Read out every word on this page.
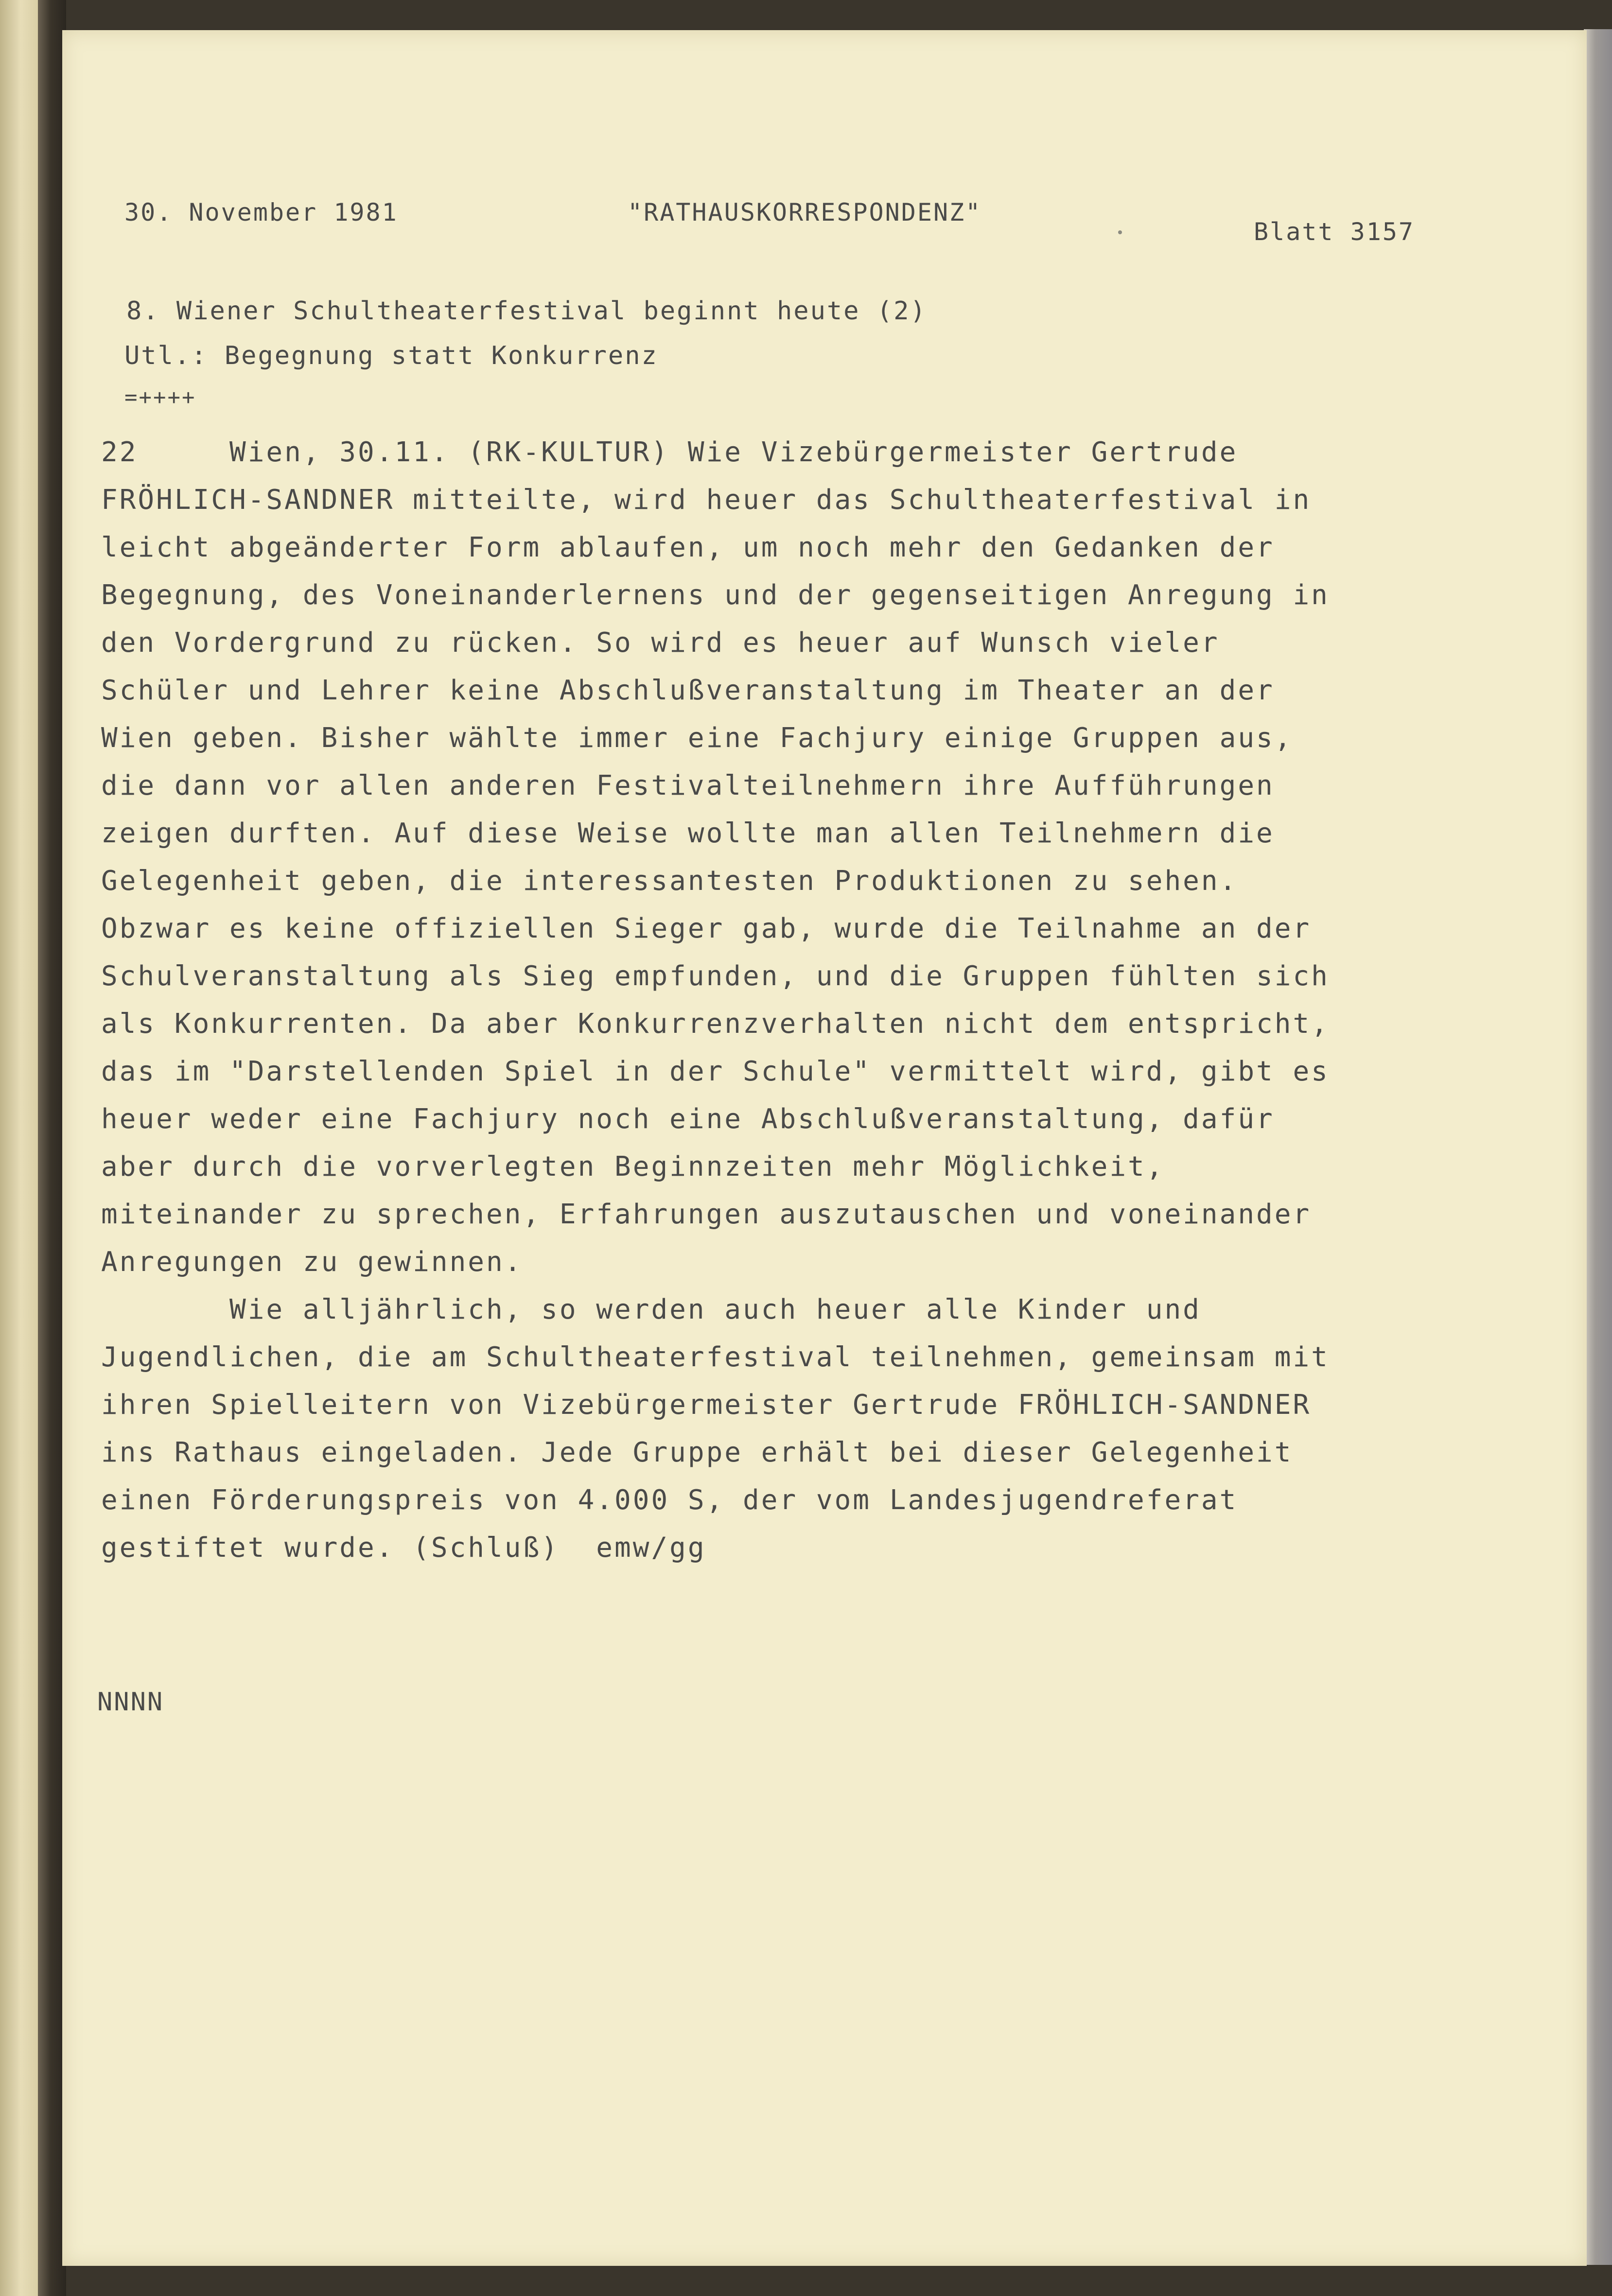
30. November 1981	"RATHAUSKORRESPONDENZ"
Blatt 3157
8. Wiener Schultheaterfestival beginnt heute (2)
Utl.: Begegnung statt Konkurrenz
=++++
22     Wien, 30.11. (RK-KULTUR) Wie Vizebürgermeister Gertrude
FRÖHLICH-SANDNER mitteilte, wird heuer das Schultheaterfestival in
leicht abgeänderter Form ablaufen, um noch mehr den Gedanken der
Begegnung, des Voneinanderlernens und der gegenseitigen Anregung in
den Vordergrund zu rücken. So wird es heuer auf Wunsch vieler
Schüler und Lehrer keine Abschlußveranstaltung im Theater an der
Wien geben. Bisher wählte immer eine Fachjury einige Gruppen aus,
die dann vor allen anderen Festivalteilnehmern ihre Aufführungen
zeigen durften. Auf diese Weise wollte man allen Teilnehmern die
Gelegenheit geben, die interessantesten Produktionen zu sehen.
Obzwar es keine offiziellen Sieger gab, wurde die Teilnahme an der
Schulveranstaltung als Sieg empfunden, und die Gruppen fühlten sich
als Konkurrenten. Da aber Konkurrenzverhalten nicht dem entspricht,
das im "Darstellenden Spiel in der Schule" vermittelt wird, gibt es
heuer weder eine Fachjury noch eine Abschlußveranstaltung, dafür
aber durch die vorverlegten Beginnzeiten mehr Möglichkeit,
miteinander zu sprechen, Erfahrungen auszutauschen und voneinander
Anregungen zu gewinnen.
Wie alljährlich, so werden auch heuer alle Kinder und
Jugendlichen, die am Schultheaterfestival teilnehmen, gemeinsam mit
ihren Spielleitern von Vizebürgermeister Gertrude FRÖHLICH-SANDNER
ins Rathaus eingeladen. Jede Gruppe erhält bei dieser Gelegenheit
einen Förderungspreis von 4.000 S, der vom Landesjugendreferat
gestiftet wurde. (Schluß)  emw/gg
NNNN
